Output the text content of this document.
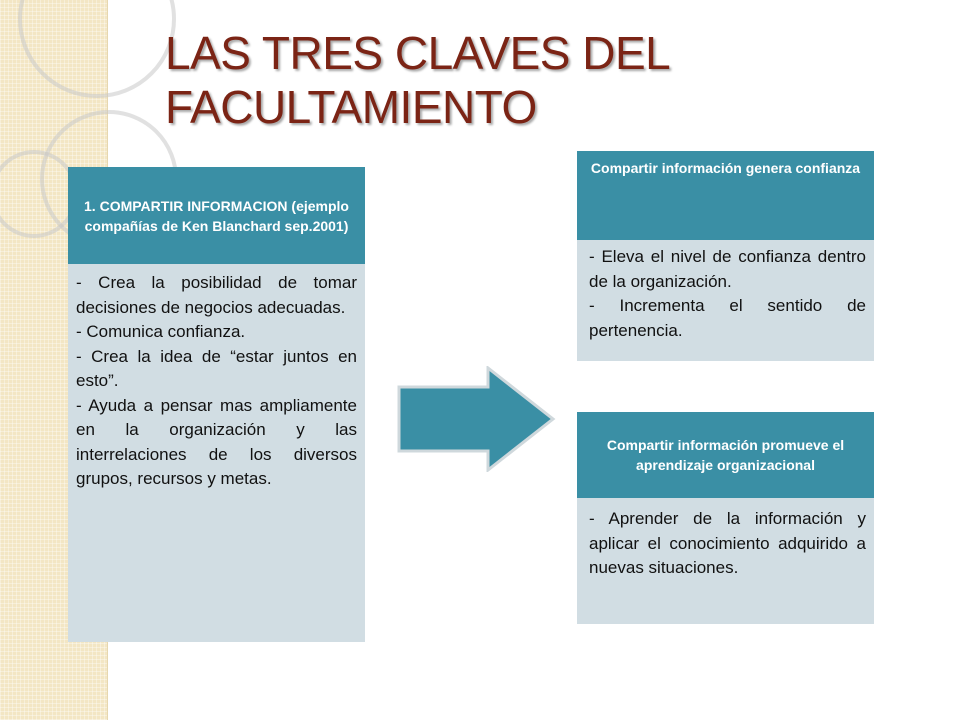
LAS TRES CLAVES DEL FACULTAMIENTO
1. COMPARTIR INFORMACION (ejemplo compañías de Ken Blanchard sep.2001)

- Crea la posibilidad de tomar decisiones de negocios adecuadas.

- Comunica confianza.

- Crea la idea de “estar juntos en esto”.

- Ayuda a pensar mas ampliamente en la organización y las interrelaciones de los diversos grupos, recursos y metas.

Compartir información genera confianza

- Eleva el nivel de confianza dentro de la organización.

- Incrementa el sentido de pertenencia.

Compartir información promueve el aprendizaje organizacional

- Aprender de la información y aplicar el conocimiento adquirido a nuevas situaciones.
